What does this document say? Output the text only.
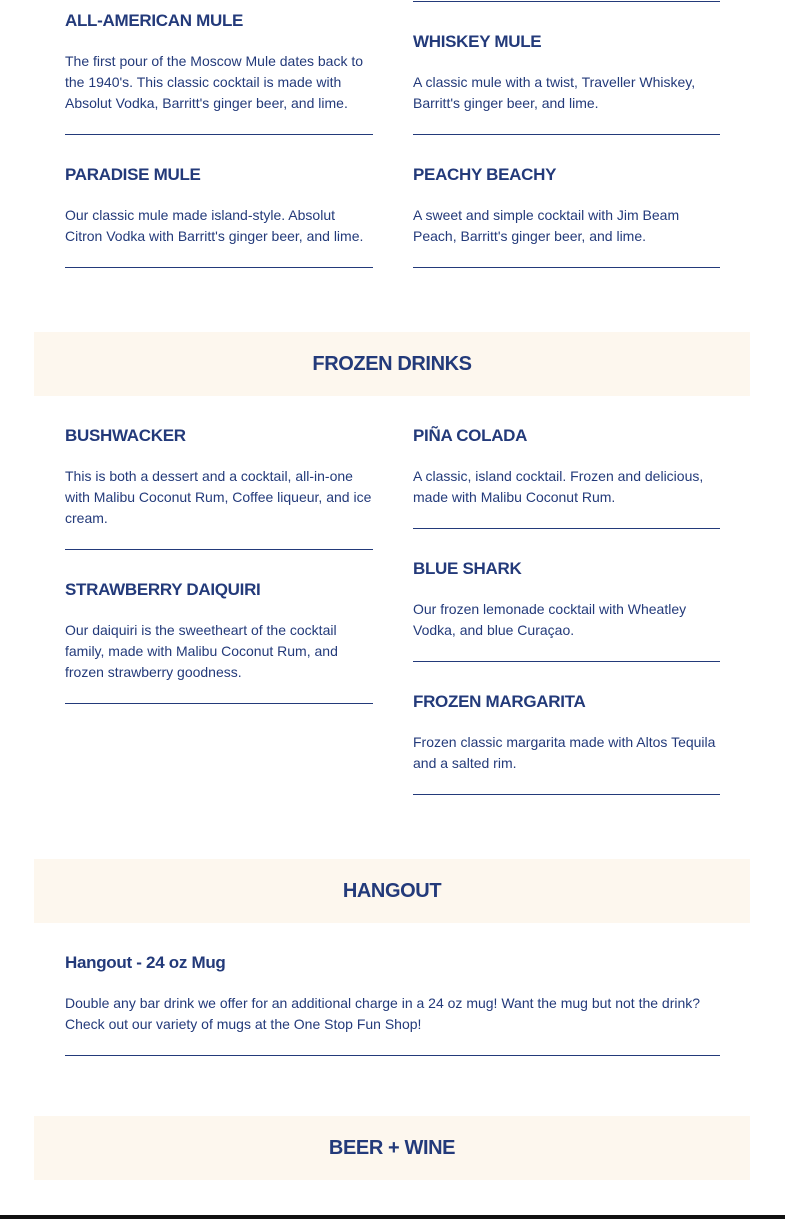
ALL-AMERICAN MULE
The first pour of the Moscow Mule dates back to the 1940's. This classic cocktail is made with Absolut Vodka, Barritt's ginger beer, and lime.
WHISKEY MULE
A classic mule with a twist, Traveller Whiskey, Barritt's ginger beer, and lime.
PARADISE MULE
Our classic mule made island-style. Absolut Citron Vodka with Barritt's ginger beer, and lime.
PEACHY BEACHY
A sweet and simple cocktail with Jim Beam Peach, Barritt's ginger beer, and lime.
FROZEN DRINKS
BUSHWACKER
This is both a dessert and a cocktail, all-in-one with Malibu Coconut Rum, Coffee liqueur, and ice cream.
PIÑA COLADA
A classic, island cocktail. Frozen and delicious, made with Malibu Coconut Rum.
STRAWBERRY DAIQUIRI
Our daiquiri is the sweetheart of the cocktail family, made with Malibu Coconut Rum, and frozen strawberry goodness.
BLUE SHARK
Our frozen lemonade cocktail with Wheatley Vodka, and blue Curaçao.
FROZEN MARGARITA
Frozen classic margarita made with Altos Tequila and a salted rim.
HANGOUT
Hangout - 24 oz Mug
Double any bar drink we offer for an additional charge in a 24 oz mug! Want the mug but not the drink? Check out our variety of mugs at the One Stop Fun Shop!
BEER + WINE
